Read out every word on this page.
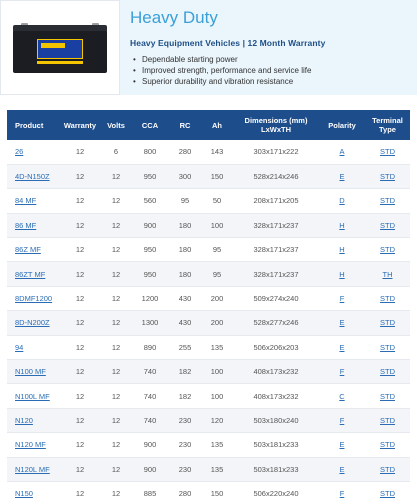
Heavy Duty
Heavy Equipment Vehicles | 12 Month Warranty
• Dependable starting power
• Improved strength, performance and service life
• Superior durability and vibration resistance
Product	Warranty	Volts	CCA	RC	Ah	Dimensions (mm) LxWxTH	Polarity	Terminal Type
26	12	6	800	280	143	303x171x222	A	STD
4D-N150Z	12	12	950	300	150	528x214x246	E	STD
84 MF	12	12	560	95	50	208x171x205	D	STD
86 MF	12	12	900	180	100	328x171x237	H	STD
86Z MF	12	12	950	180	95	328x171x237	H	STD
86ZT MF	12	12	950	180	95	328x171x237	H	TH
8DMF1200	12	12	1200	430	200	509x274x240	F	STD
8D-N200Z	12	12	1300	430	200	528x277x246	E	STD
94	12	12	890	255	135	506x206x203	E	STD
N100 MF	12	12	740	182	100	408x173x232	F	STD
N100L MF	12	12	740	182	100	408x173x232	C	STD
N120	12	12	740	230	120	503x180x240	F	STD
N120 MF	12	12	900	230	135	503x181x233	E	STD
N120L MF	12	12	900	230	135	503x181x233	E	STD
N150	12	12	885	280	150	506x220x240	F	STD
